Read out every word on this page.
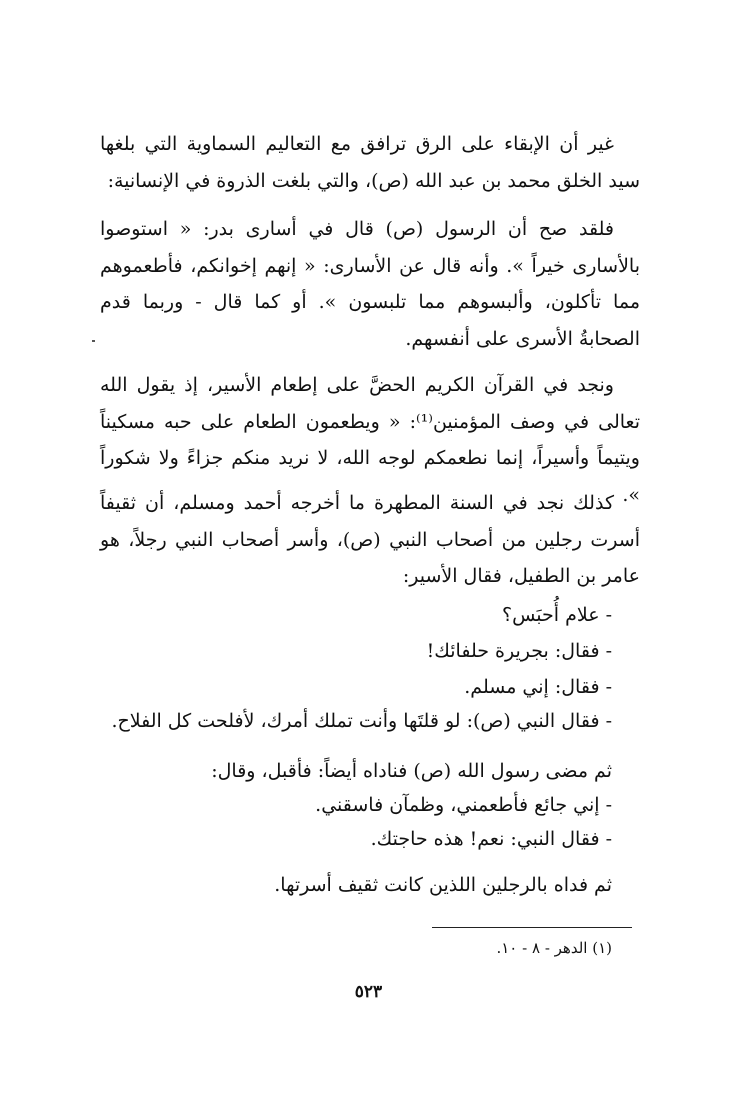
غير أن الإبقاء على الرق ترافق مع التعاليم السماوية التي بلغها سيد الخلق محمد بن عبد الله (ص)، والتي بلغت الذروة في الإنسانية:

فلقد صح أن الرسول (ص) قال في أسارى بدر: « استوصوا بالأسارى خيراً ». وأنه قال عن الأسارى: « إنهم إخوانكم، فأطعموهم مما تأكلون، وألبسوهم مما تلبسون ». أو كما قال - وربما قدم الصحابةُ الأسرى على أنفسهم.

ونجد في القرآن الكريم الحضَّ على إطعام الأسير، إذ يقول الله تعالى في وصف المؤمنين⁽¹⁾: « ويطعمون الطعام على حبه مسكيناً ويتيماً وأسيراً، إنما نطعمكم لوجه الله، لا نريد منكم جزاءً ولا شكوراً ».

كذلك نجد في السنة المطهرة ما أخرجه أحمد ومسلم، أن ثقيفاً أسرت رجلين من أصحاب النبي (ص)، وأسر أصحاب النبي رجلاً، هو عامر بن الطفيل، فقال الأسير:

- علام أُحبَس؟
- فقال: بجريرة حلفائك!
- فقال: إني مسلم.
- فقال النبي (ص): لو قلتَها وأنت تملك أمرك، لأفلحت كل الفلاح.
ثم مضى رسول الله (ص) فناداه أيضاً: فأقبل، وقال:
- إني جائع فأطعمني، وظمآن فاسقني.
- فقال النبي: نعم! هذه حاجتك.
ثم فداه بالرجلين اللذين كانت ثقيف أسرتها.
(١) الدهر - ٨ - ١٠.
٥٢٣
